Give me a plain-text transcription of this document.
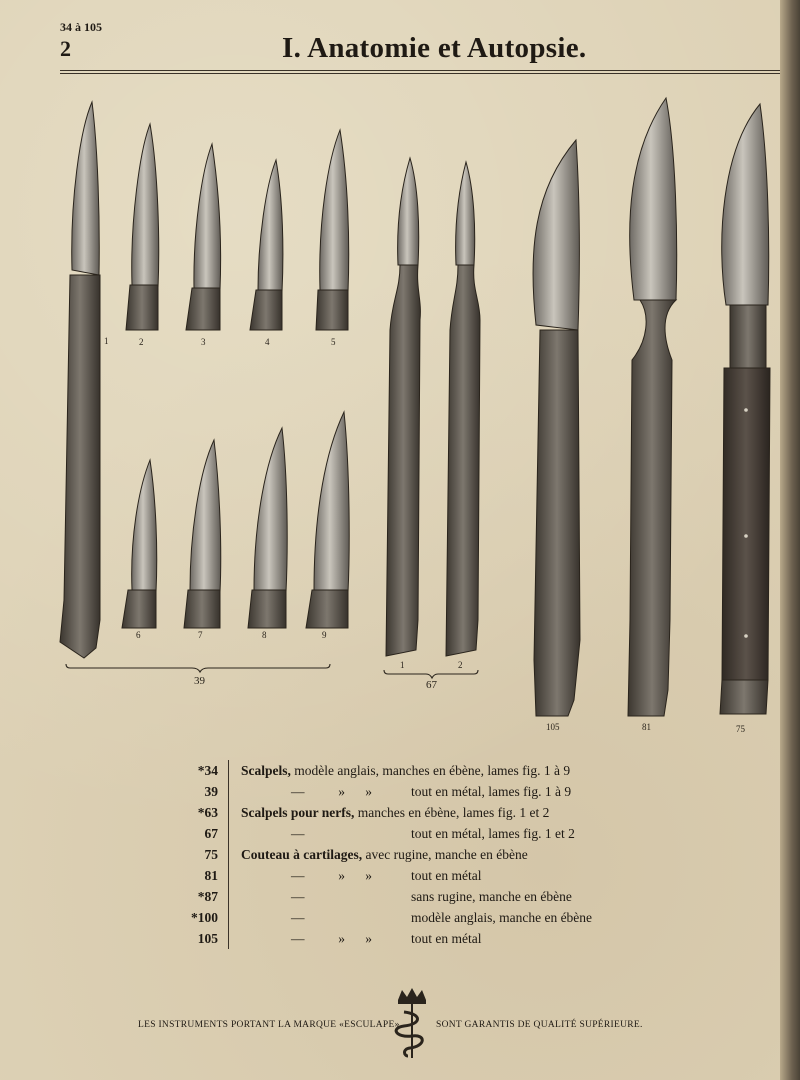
34 à 105
2	I. Anatomie et Autopsie.
1	2	3	4	5
6	7	8	9
39
1	2
67
105	81	75
*34	Scalpels, modèle anglais, manches en ébène, lames fig. 1 à 9
39	—          »      » tout en métal, lames fig. 1 à 9
*63	Scalpels pour nerfs, manches en ébène, lames fig. 1 et 2
67	— tout en métal, lames fig. 1 et 2
75	Couteau à cartilages, avec rugine, manche en ébène
81	—          »      » tout en métal
*87	— sans rugine, manche en ébène
*100	— modèle anglais, manche en ébène
105	—          »      » tout en métal
LES INSTRUMENTS PORTANT LA MARQUE «ESCULAPE»	SONT GARANTIS DE QUALITÉ SUPÉRIEURE.
